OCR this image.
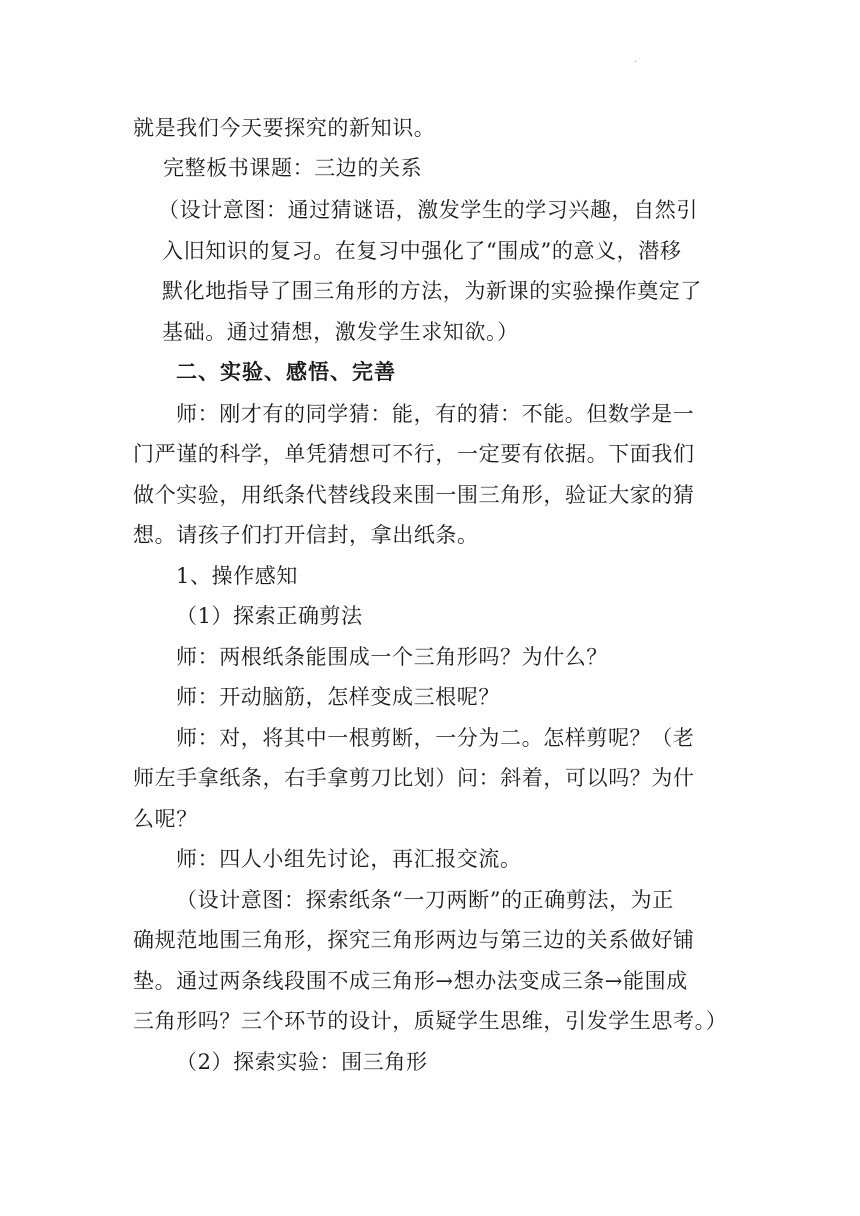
.

就是我们今天要探究的新知识。

完整板书课题：三边的关系

（设计意图：通过猜谜语，激发学生的学习兴趣，自然引

入旧知识的复习。在复习中强化了“围成”的意义，潜移

默化地指导了围三角形的方法，为新课的实验操作奠定了

基础。通过猜想，激发学生求知欲。）

二、实验、感悟、完善

师：刚才有的同学猜：能，有的猜：不能。但数学是一

门严谨的科学，单凭猜想可不行，一定要有依据。下面我们

做个实验，用纸条代替线段来围一围三角形，验证大家的猜

想。请孩子们打开信封，拿出纸条。

1、操作感知

（1）探索正确剪法

师：两根纸条能围成一个三角形吗？为什么？

师：开动脑筋，怎样变成三根呢？

师：对，将其中一根剪断，一分为二。怎样剪呢？（老

师左手拿纸条，右手拿剪刀比划）问：斜着，可以吗？为什

么呢？

师：四人小组先讨论，再汇报交流。

（设计意图：探索纸条“一刀两断”的正确剪法，为正

确规范地围三角形，探究三角形两边与第三边的关系做好铺

垫。通过两条线段围不成三角形→想办法变成三条→能围成

三角形吗？三个环节的设计，质疑学生思维，引发学生思考。）

（2）探索实验：围三角形
